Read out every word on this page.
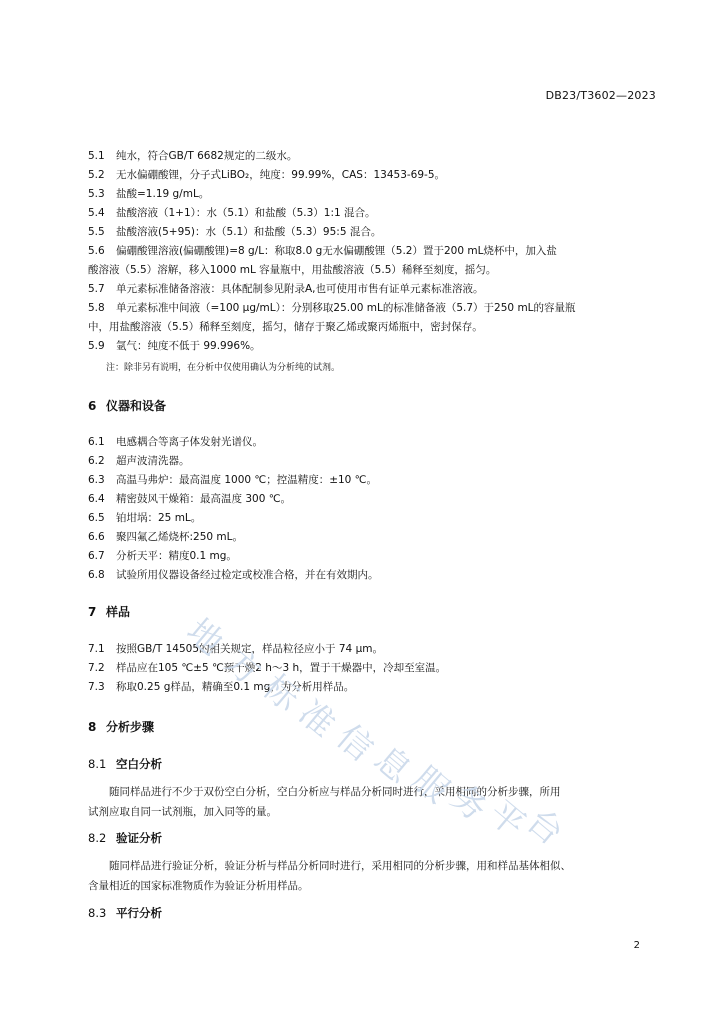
DB23/T3602—2023
5.1 纯水，符合GB/T 6682规定的二级水。
5.2 无水偏硼酸锂，分子式LiBO₂，纯度：99.99%，CAS：13453-69-5。
5.3 盐酸=1.19 g/mL。
5.4 盐酸溶液（1+1）：水（5.1）和盐酸（5.3）1:1 混合。
5.5 盐酸溶液(5+95)：水（5.1）和盐酸（5.3）95:5 混合。
5.6 偏硼酸锂溶液(偏硼酸锂)=8 g/L：称取8.0 g无水偏硼酸锂（5.2）置于200 mL烧杯中，加入盐
酸溶液（5.5）溶解，移入1000 mL 容量瓶中，用盐酸溶液（5.5）稀释至刻度，摇匀。
5.7 单元素标准储备溶液：具体配制参见附录A,也可使用市售有证单元素标准溶液。
5.8 单元素标准中间液（=100 μg/mL）：分别移取25.00 mL的标准储备液（5.7）于250 mL的容量瓶
中，用盐酸溶液（5.5）稀释至刻度，摇匀，储存于聚乙烯或聚丙烯瓶中，密封保存。
5.9 氩气：纯度不低于 99.996%。
注：除非另有说明，在分析中仅使用确认为分析纯的试剂。
6 仪器和设备
6.1 电感耦合等离子体发射光谱仪。
6.2 超声波清洗器。
6.3 高温马弗炉：最高温度 1000 ℃；控温精度：±10 ℃。
6.4 精密鼓风干燥箱：最高温度 300 ℃。
6.5 铂坩埚：25 mL。
6.6 聚四氟乙烯烧杯:250 mL。
6.7 分析天平：精度0.1 mg。
6.8 试验所用仪器设备经过检定或校准合格，并在有效期内。
7 样品
7.1 按照GB/T 14505的相关规定，样品粒径应小于 74 μm。
7.2 样品应在105 ℃±5 ℃预干燥2 h～3 h，置于干燥器中，冷却至室温。
7.3 称取0.25 g样品，精确至0.1 mg，为分析用样品。
8 分析步骤
8.1 空白分析
随同样品进行不少于双份空白分析，空白分析应与样品分析同时进行，采用相同的分析步骤，所用
试剂应取自同一试剂瓶，加入同等的量。
8.2 验证分析
随同样品进行验证分析，验证分析与样品分析同时进行，采用相同的分析步骤，用和样品基体相似、
含量相近的国家标准物质作为验证分析用样品。
8.3 平行分析
地
方
标
准
信
息
服
务
平
台
2
